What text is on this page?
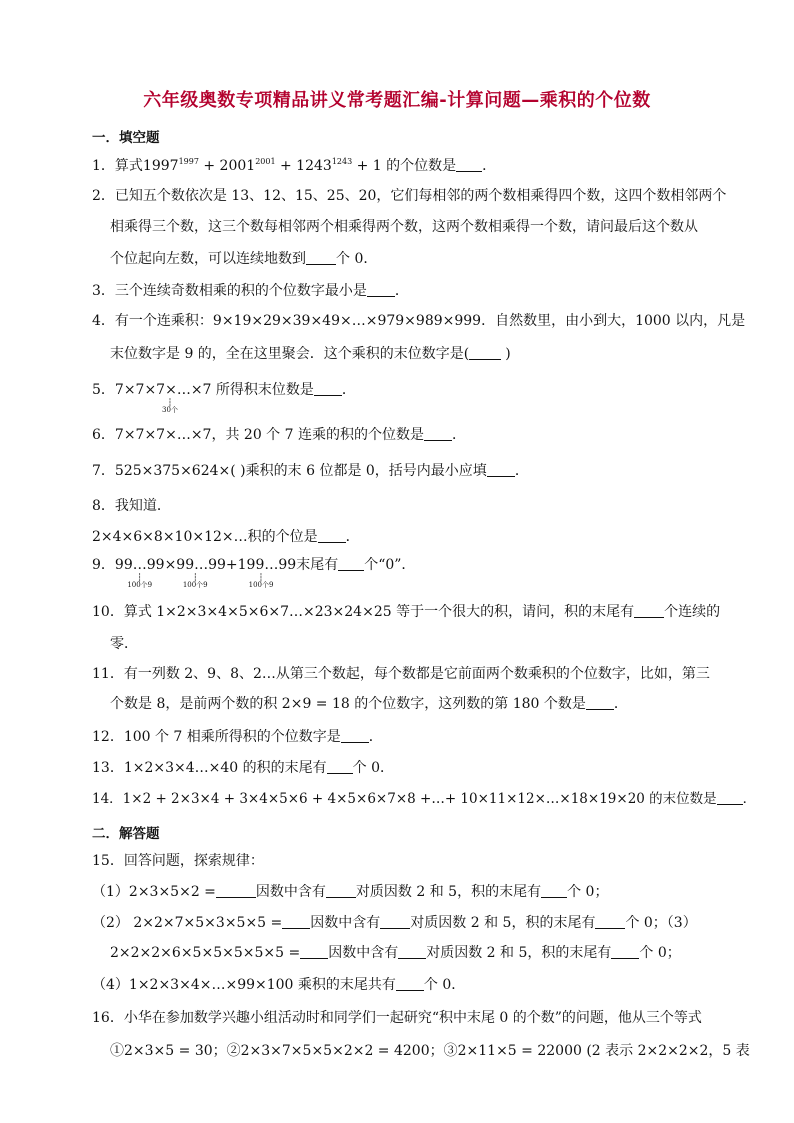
六年级奥数专项精品讲义常考题汇编-计算问题—乘积的个位数
一．填空题
1．算式$1997^{1997} + 2001^{2001} + 1243^{1243} + 1$ 的个位数是 ．
2．已知五个数依次是 13、12、15、25、20，它们每相邻的两个数相乘得四个数，这四个数相邻两个
相乘得三个数，这三个数每相邻两个相乘得两个数，这两个数相乘得一个数，请问最后这个数从
个位起向左数，可以连续地数到 个 0．
3．三个连续奇数相乘的积的个位数字最小是 ．
4．有一个连乘积：9×19×29×39×49×…×979×989×999．自然数里，由小到大，1000 以内，凡是
末位数字是 9 的，全在这里聚会．这个乘积的末位数字是(	)
5．7×7×7×…×7 所得积末位数是
┆ 30个
．
6．7×7×7×…×7，共 20 个 7 连乘的积的个位数是 ．
7．525×375×624×( )乘积的末 6 位都是 0，括号内最小应填 ．
8．我知道．
2×4×6×8×10×12×…积的个位是 ．
9．99…99
┆ 100个9
×99…99
┆ 100个9
+199…99
┆ 100个9
末尾有 个“0”．
10．算式 1×2×3×4×5×6×7…×23×24×25 等于一个很大的积，请问，积的末尾有 个连续的
零．
11．有一列数 2、9、8、2…从第三个数起，每个数都是它前面两个数乘积的个位数字，比如，第三
个数是 8，是前两个数的积 2×9 = 18 的个位数字，这列数的第 180 个数是 ．
12．100 个 7 相乘所得积的个位数字是 ．
13．1×2×3×4…×40 的积的末尾有 个 0．
14．1×2 + 2×3×4 + 3×4×5×6 + 4×5×6×7×8 +…+ 10×11×12×…×18×19×20 的末位数是 ．
二．解答题
15．回答问题，探索规律：
（1）2×3×5×2 =	因数中含有 对质因数 2 和 5，积的末尾有 个 0；
（2） 2×2×7×5×3×5×5 = 因数中含有 对质因数 2 和 5，积的末尾有 个 0；（3）
2×2×2×6×5×5×5×5×5 = 因数中含有 对质因数 2 和 5，积的末尾有 个 0；
（4）1×2×3×4×…×99×100 乘积的末尾共有 个 0．
16．小华在参加数学兴趣小组活动时和同学们一起研究“积中末尾 0 的个数”的问题，他从三个等式
①2×3×5 = 30；②2×3×7×5×5×2×2 = 4200；③2×11×5 = 22000 (2 表示 2×2×2×2，5 表
